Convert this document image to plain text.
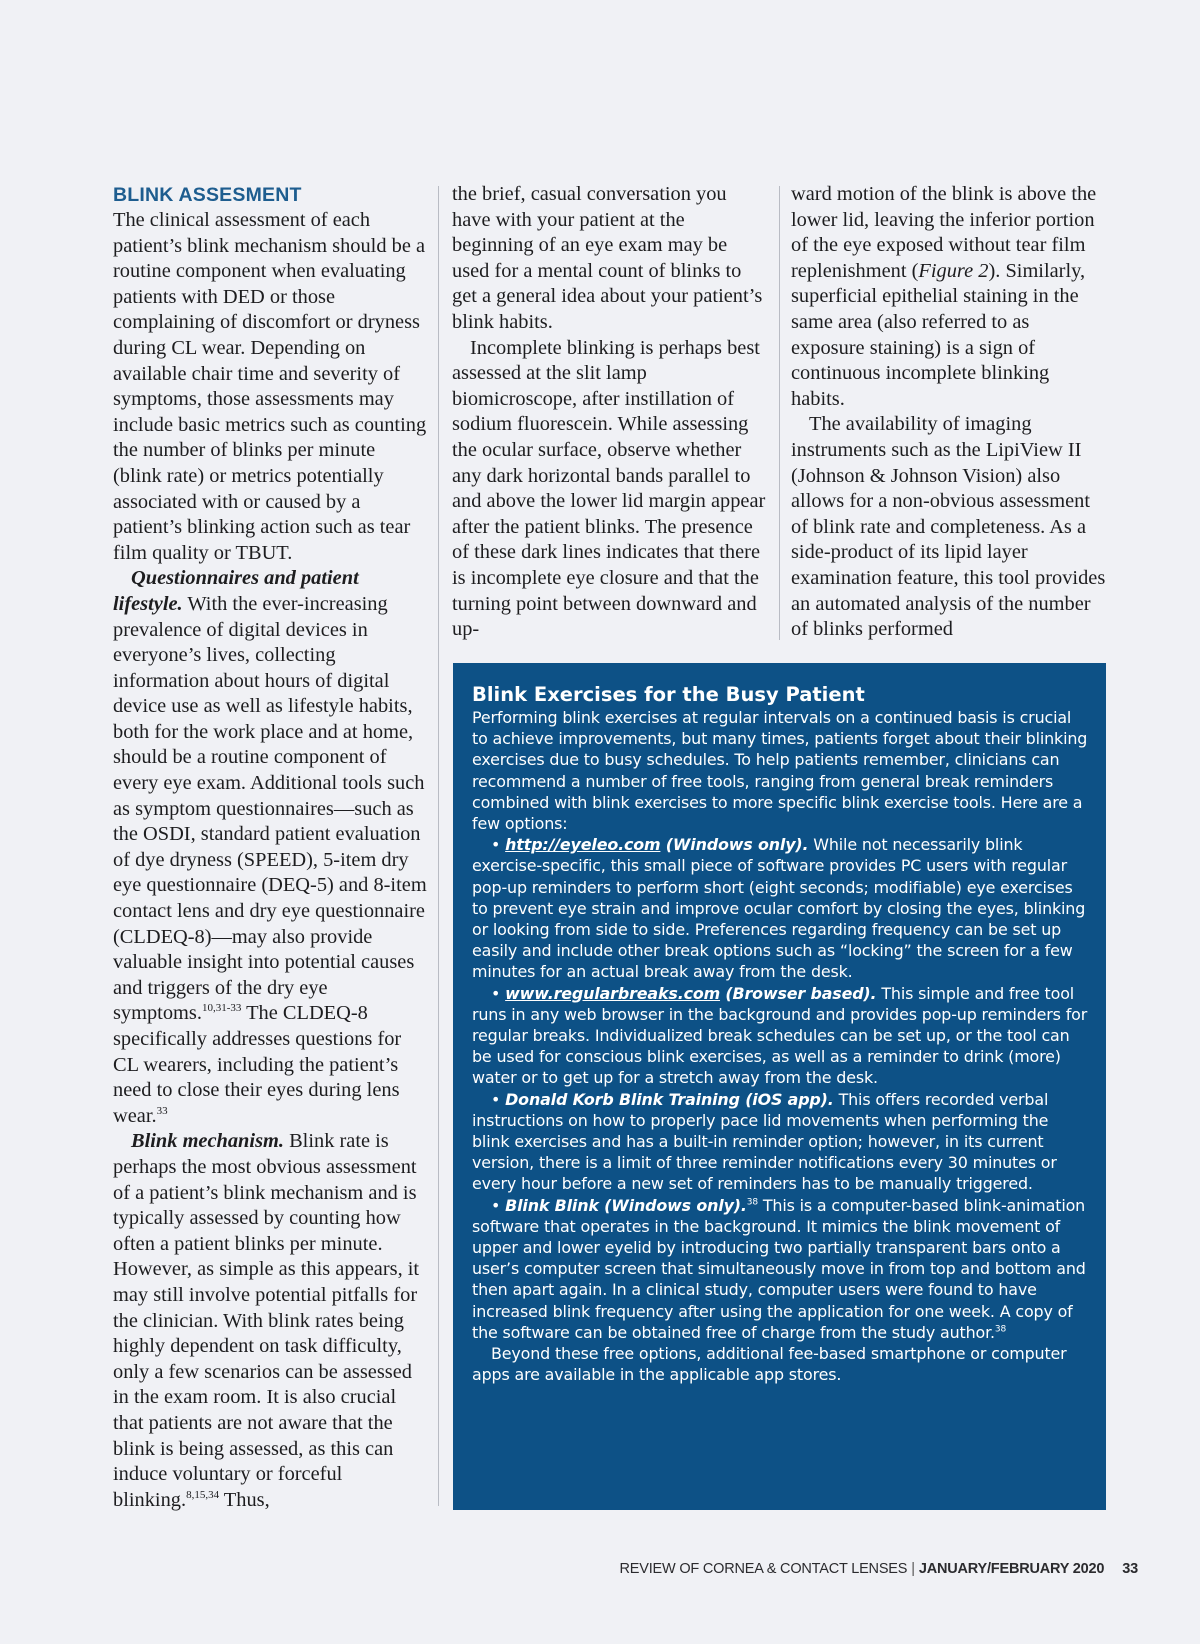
BLINK ASSESMENT

The clinical assessment of each patient’s blink mechanism should be a routine component when evaluating patients with DED or those complaining of discomfort or dryness during CL wear. Depending on available chair time and severity of symptoms, those assessments may include basic metrics such as counting the number of blinks per minute (blink rate) or metrics potentially associated with or caused by a patient’s blinking action such as tear film quality or TBUT.

Questionnaires and patient lifestyle. With the ever-increasing prevalence of digital devices in everyone’s lives, collecting information about hours of digital device use as well as lifestyle habits, both for the work place and at home, should be a routine component of every eye exam. Additional tools such as symptom questionnaires—such as the OSDI, standard patient evaluation of dye dryness (SPEED), 5-item dry eye questionnaire (DEQ-5) and 8-item contact lens and dry eye questionnaire (CLDEQ-8)—may also provide valuable insight into potential causes and triggers of the dry eye symptoms.$^{10,31-33}$ The CLDEQ-8 specifically addresses questions for CL wearers, including the patient’s need to close their eyes during lens wear.$^{33}$

Blink mechanism. Blink rate is perhaps the most obvious assessment of a patient’s blink mechanism and is typically assessed by counting how often a patient blinks per minute. However, as simple as this appears, it may still involve potential pitfalls for the clinician. With blink rates being highly dependent on task difficulty, only a few scenarios can be assessed in the exam room. It is also crucial that patients are not aware that the blink is being assessed, as this can induce voluntary or forceful blinking.$^{8,15,34}$ Thus,

the brief, casual conversation you have with your patient at the beginning of an eye exam may be used for a mental count of blinks to get a general idea about your patient’s blink habits.

Incomplete blinking is perhaps best assessed at the slit lamp biomicroscope, after instillation of sodium fluorescein. While assessing the ocular surface, observe whether any dark horizontal bands parallel to and above the lower lid margin appear after the patient blinks. The presence of these dark lines indicates that there is incomplete eye closure and that the turning point between downward and up-

ward motion of the blink is above the lower lid, leaving the inferior portion of the eye exposed without tear film replenishment (Figure 2). Similarly, superficial epithelial staining in the same area (also referred to as exposure staining) is a sign of continuous incomplete blinking habits.

The availability of imaging instruments such as the LipiView II (Johnson & Johnson Vision) also allows for a non-obvious assessment of blink rate and completeness. As a side-product of its lipid layer examination feature, this tool provides an automated analysis of the number of blinks performed

Blink Exercises for the Busy Patient

Performing blink exercises at regular intervals on a continued basis is crucial to achieve improvements, but many times, patients forget about their blinking exercises due to busy schedules. To help patients remember, clinicians can recommend a number of free tools, ranging from general break reminders combined with blink exercises to more specific blink exercise tools. Here are a few options:

• http://eyeleo.com (Windows only). While not necessarily blink exercise-specific, this small piece of software provides PC users with regular pop-up reminders to perform short (eight seconds; modifiable) eye exercises to prevent eye strain and improve ocular comfort by closing the eyes, blinking or looking from side to side. Preferences regarding frequency can be set up easily and include other break options such as “locking” the screen for a few minutes for an actual break away from the desk.

• www.regularbreaks.com (Browser based). This simple and free tool runs in any web browser in the background and provides pop-up reminders for regular breaks. Individualized break schedules can be set up, or the tool can be used for conscious blink exercises, as well as a reminder to drink (more) water or to get up for a stretch away from the desk.

• Donald Korb Blink Training (iOS app). This offers recorded verbal instructions on how to properly pace lid movements when performing the blink exercises and has a built-in reminder option; however, in its current version, there is a limit of three reminder notifications every 30 minutes or every hour before a new set of reminders has to be manually triggered.

• Blink Blink (Windows only).$^{38}$ This is a computer-based blink-animation software that operates in the background. It mimics the blink movement of upper and lower eyelid by introducing two partially transparent bars onto a user’s computer screen that simultaneously move in from top and bottom and then apart again. In a clinical study, computer users were found to have increased blink frequency after using the application for one week. A copy of the software can be obtained free of charge from the study author.$^{38}$

Beyond these free options, additional fee-based smartphone or computer apps are available in the applicable app stores.

REVIEW OF CORNEA & CONTACT LENSES | JANUARY/FEBRUARY 2020 33
